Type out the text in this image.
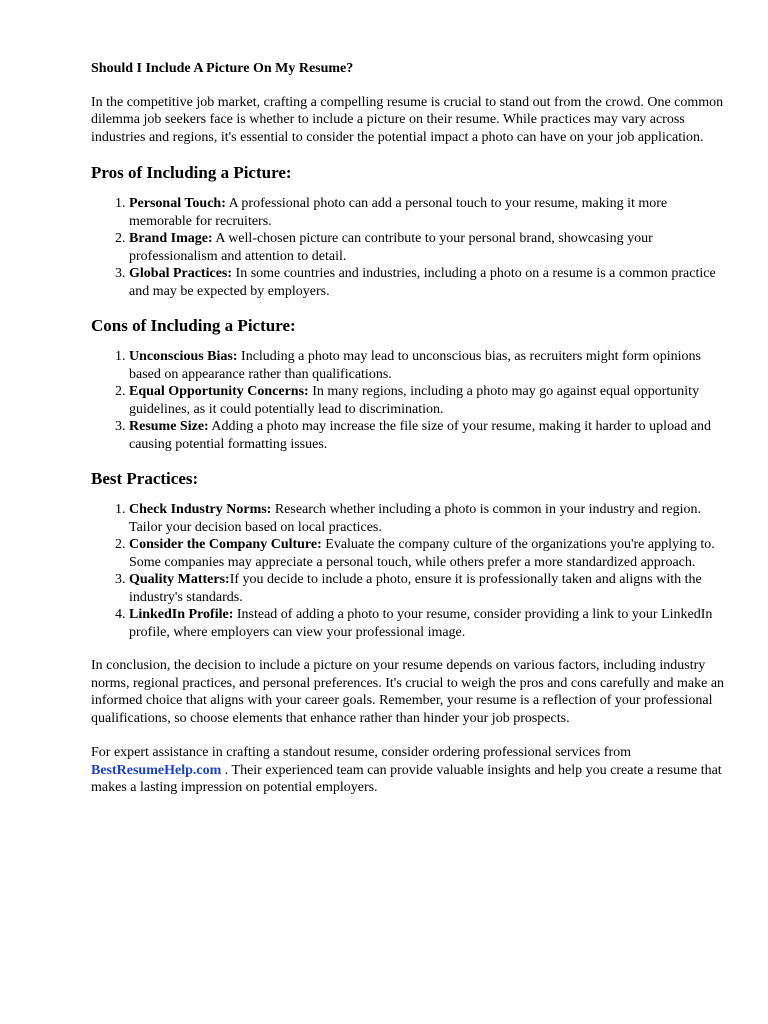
Should I Include A Picture On My Resume?

In the competitive job market, crafting a compelling resume is crucial to stand out from the crowd. One common dilemma job seekers face is whether to include a picture on their resume. While practices may vary across industries and regions, it's essential to consider the potential impact a photo can have on your job application.

Pros of Including a Picture:
1. Personal Touch: A professional photo can add a personal touch to your resume, making it more memorable for recruiters.
2. Brand Image: A well-chosen picture can contribute to your personal brand, showcasing your professionalism and attention to detail.
3. Global Practices: In some countries and industries, including a photo on a resume is a common practice and may be expected by employers.
Cons of Including a Picture:
1. Unconscious Bias: Including a photo may lead to unconscious bias, as recruiters might form opinions based on appearance rather than qualifications.
2. Equal Opportunity Concerns: In many regions, including a photo may go against equal opportunity guidelines, as it could potentially lead to discrimination.
3. Resume Size: Adding a photo may increase the file size of your resume, making it harder to upload and causing potential formatting issues.
Best Practices:
1. Check Industry Norms: Research whether including a photo is common in your industry and region. Tailor your decision based on local practices.
2. Consider the Company Culture: Evaluate the company culture of the organizations you're applying to. Some companies may appreciate a personal touch, while others prefer a more standardized approach.
3. Quality Matters:If you decide to include a photo, ensure it is professionally taken and aligns with the industry's standards.
4. LinkedIn Profile: Instead of adding a photo to your resume, consider providing a link to your LinkedIn profile, where employers can view your professional image.

In conclusion, the decision to include a picture on your resume depends on various factors, including industry norms, regional practices, and personal preferences. It's crucial to weigh the pros and cons carefully and make an informed choice that aligns with your career goals. Remember, your resume is a reflection of your professional qualifications, so choose elements that enhance rather than hinder your job prospects.

For expert assistance in crafting a standout resume, consider ordering professional services from BestResumeHelp.com . Their experienced team can provide valuable insights and help you create a resume that makes a lasting impression on potential employers.
